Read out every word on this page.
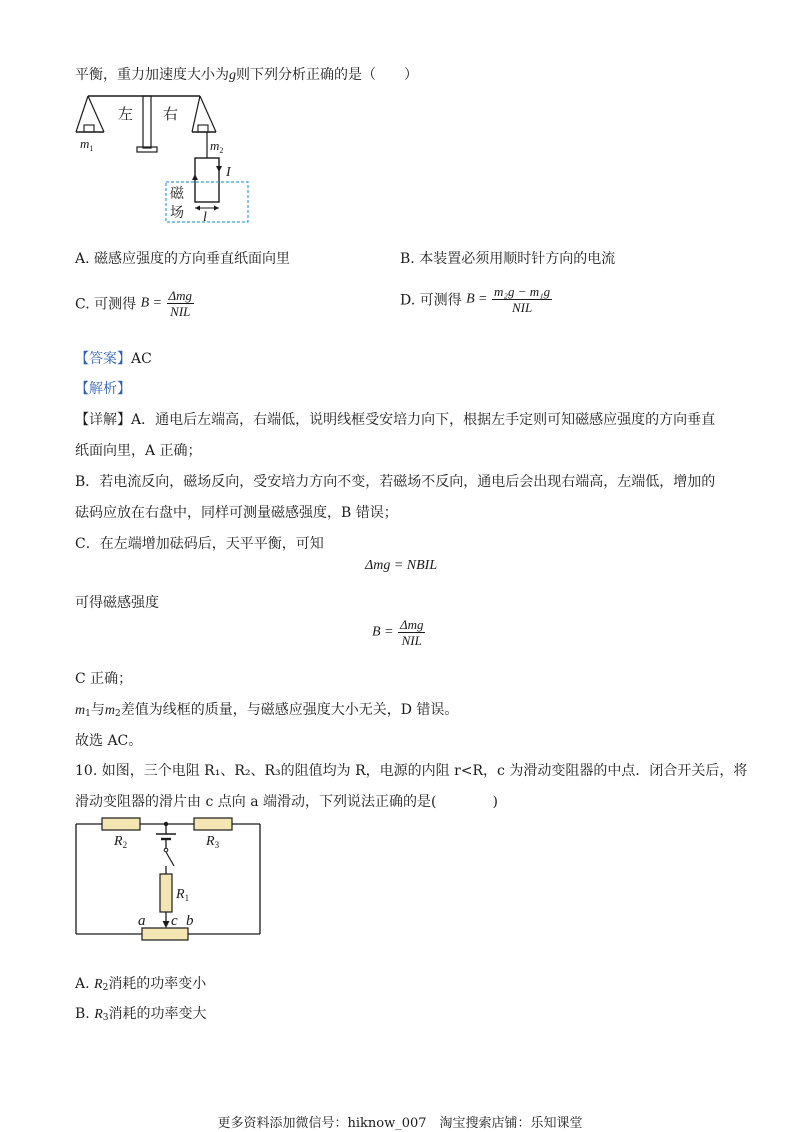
平衡，重力加速度大小为g则下列分析正确的是（　　）
左 右
$m_1$	$m_2$
I
l
磁
场
A. 磁感应强度的方向垂直纸面向里	B. 本装置必须用顺时针方向的电流
C. 可测得 $B = \frac{\text{Δmg}}{\text{NIL}}$	D. 可测得 $B = \frac{\text{m₂g − m₁g}}{\text{NIL}}$
【答案】AC
【解析】
【详解】A．通电后左端高，右端低，说明线框受安培力向下，根据左手定则可知磁感应强度的方向垂直
纸面向里，A 正确；
B．若电流反向，磁场反向，受安培力方向不变，若磁场不反向，通电后会出现右端高，左端低，增加的
砝码应放在右盘中，同样可测量磁感强度，B 错误；
C．在左端增加砝码后，天平平衡，可知
Δmg = NBIL
可得磁感强度
$B = \frac{\text{Δmg}}{\text{NIL}}$
C 正确；
$m_1$与$m_2$差值为线框的质量，与磁感应强度大小无关，D 错误。
故选 AC。
10. 如图，三个电阻 R₁、R₂、R₃的阻值均为 R，电源的内阻 r<R，c 为滑动变阻器的中点．闭合开关后，将
滑动变阻器的滑片由 c 点向 a 端滑动，下列说法正确的是(　　　　)
$R_2$	$R_3$
$R_1$
a c b
A. $R_2$消耗的功率变小
B. $R_3$消耗的功率变大
更多资料添加微信号：hiknow_007　淘宝搜索店铺：乐知课堂
